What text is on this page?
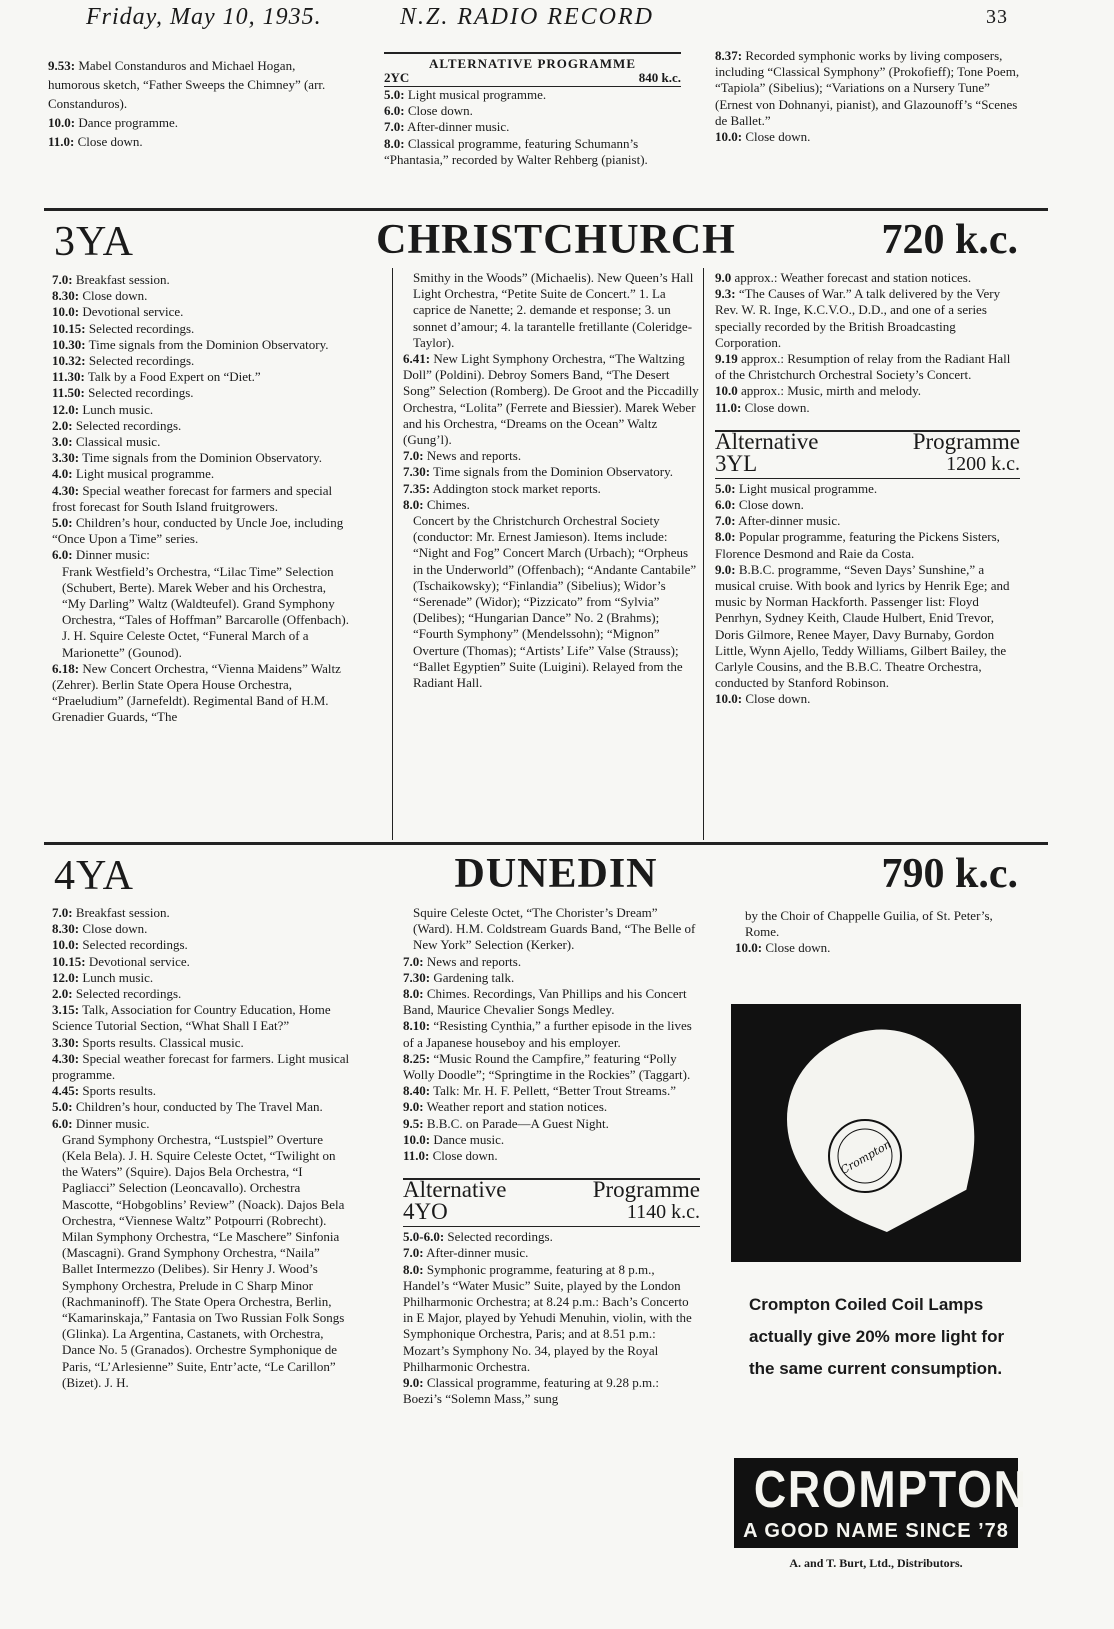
Friday, May 10, 1935.	N.Z. RADIO RECORD	33

9.53: Mabel Constanduros and Michael Hogan, humorous sketch, “Father Sweeps the Chimney” (arr. Constanduros).

10.0: Dance programme.

11.0: Close down.

ALTERNATIVE PROGRAMME
2YC	840 k.c.

5.0: Light musical programme.

6.0: Close down.

7.0: After-dinner music.

8.0: Classical programme, featuring Schumann’s “Phantasia,” recorded by Walter Rehberg (pianist).

8.37: Recorded symphonic works by living composers, including “Classical Symphony” (Prokofieff); Tone Poem, “Tapiola” (Sibelius); “Variations on a Nursery Tune” (Ernest von Dohnanyi, pianist), and Glazounoff’s “Scenes de Ballet.”

10.0: Close down.

3YA	CHRISTCHURCH	720 k.c.

7.0: Breakfast session.

8.30: Close down.

10.0: Devotional service.

10.15: Selected recordings.

10.30: Time signals from the Dominion Observatory.

10.32: Selected recordings.

11.30: Talk by a Food Expert on “Diet.”

11.50: Selected recordings.

12.0: Lunch music.

2.0: Selected recordings.

3.0: Classical music.

3.30: Time signals from the Dominion Observatory.

4.0: Light musical programme.

4.30: Special weather forecast for farmers and special frost forecast for South Island fruitgrowers.

5.0: Children’s hour, conducted by Uncle Joe, including “Once Upon a Time” series.

6.0: Dinner music:

Frank Westfield’s Orchestra, “Lilac Time” Selection (Schubert, Berte). Marek Weber and his Orchestra, “My Darling” Waltz (Waldteufel). Grand Symphony Orchestra, “Tales of Hoffman” Barcarolle (Offenbach). J. H. Squire Celeste Octet, “Funeral March of a Marionette” (Gounod).

6.18: New Concert Orchestra, “Vienna Maidens” Waltz (Zehrer). Berlin State Opera House Orchestra, “Praeludium” (Jarnefeldt). Regimental Band of H.M. Grenadier Guards, “The

Smithy in the Woods” (Michaelis). New Queen’s Hall Light Orchestra, “Petite Suite de Concert.” 1. La caprice de Nanette; 2. demande et response; 3. un sonnet d’amour; 4. la tarantelle fretillante (Coleridge-Taylor).

6.41: New Light Symphony Orchestra, “The Waltzing Doll” (Poldini). Debroy Somers Band, “The Desert Song” Selection (Romberg). De Groot and the Piccadilly Orchestra, “Lolita” (Ferrete and Biessier). Marek Weber and his Orchestra, “Dreams on the Ocean” Waltz (Gung’l).

7.0: News and reports.

7.30: Time signals from the Dominion Observatory.

7.35: Addington stock market reports.

8.0: Chimes.

Concert by the Christchurch Orchestral Society (conductor: Mr. Ernest Jamieson). Items include: “Night and Fog” Concert March (Urbach); “Orpheus in the Underworld” (Offenbach); “Andante Cantabile” (Tschaikowsky); “Finlandia” (Sibelius); Widor’s “Serenade” (Widor); “Pizzicato” from “Sylvia” (Delibes); “Hungarian Dance” No. 2 (Brahms); “Fourth Symphony” (Mendelssohn); “Mignon” Overture (Thomas); “Artists’ Life” Valse (Strauss); “Ballet Egyptien” Suite (Luigini). Relayed from the Radiant Hall.

9.0 approx.: Weather forecast and station notices.

9.3: “The Causes of War.” A talk delivered by the Very Rev. W. R. Inge, K.C.V.O., D.D., and one of a series specially recorded by the British Broadcasting Corporation.

9.19 approx.: Resumption of relay from the Radiant Hall of the Christchurch Orchestral Society’s Concert.

10.0 approx.: Music, mirth and melody.

11.0: Close down.

Alternative	Programme
3YL	1200 k.c.

5.0: Light musical programme.

6.0: Close down.

7.0: After-dinner music.

8.0: Popular programme, featuring the Pickens Sisters, Florence Desmond and Raie da Costa.

9.0: B.B.C. programme, “Seven Days’ Sunshine,” a musical cruise. With book and lyrics by Henrik Ege; and music by Norman Hackforth. Passenger list: Floyd Penrhyn, Sydney Keith, Claude Hulbert, Enid Trevor, Doris Gilmore, Renee Mayer, Davy Burnaby, Gordon Little, Wynn Ajello, Teddy Williams, Gilbert Bailey, the Carlyle Cousins, and the B.B.C. Theatre Orchestra, conducted by Stanford Robinson.

10.0: Close down.

4YA	DUNEDIN	790 k.c.

7.0: Breakfast session.

8.30: Close down.

10.0: Selected recordings.

10.15: Devotional service.

12.0: Lunch music.

2.0: Selected recordings.

3.15: Talk, Association for Country Education, Home Science Tutorial Section, “What Shall I Eat?”

3.30: Sports results. Classical music.

4.30: Special weather forecast for farmers. Light musical programme.

4.45: Sports results.

5.0: Children’s hour, conducted by The Travel Man.

6.0: Dinner music.

Grand Symphony Orchestra, “Lustspiel” Overture (Kela Bela). J. H. Squire Celeste Octet, “Twilight on the Waters” (Squire). Dajos Bela Orchestra, “I Pagliacci” Selection (Leoncavallo). Orchestra Mascotte, “Hobgoblins’ Review” (Noack). Dajos Bela Orchestra, “Viennese Waltz” Potpourri (Robrecht). Milan Symphony Orchestra, “Le Maschere” Sinfonia (Mascagni). Grand Symphony Orchestra, “Naila” Ballet Intermezzo (Delibes). Sir Henry J. Wood’s Symphony Orchestra, Prelude in C Sharp Minor (Rachmaninoff). The State Opera Orchestra, Berlin, “Kamarinskaja,” Fantasia on Two Russian Folk Songs (Glinka). La Argentina, Castanets, with Orchestra, Dance No. 5 (Granados). Orchestre Symphonique de Paris, “L’Arlesienne” Suite, Entr’acte, “Le Carillon” (Bizet). J. H.

Squire Celeste Octet, “The Chorister’s Dream” (Ward). H.M. Coldstream Guards Band, “The Belle of New York” Selection (Kerker).

7.0: News and reports.

7.30: Gardening talk.

8.0: Chimes. Recordings, Van Phillips and his Concert Band, Maurice Chevalier Songs Medley.

8.10: “Resisting Cynthia,” a further episode in the lives of a Japanese houseboy and his employer.

8.25: “Music Round the Campfire,” featuring “Polly Wolly Doodle”; “Springtime in the Rockies” (Taggart).

8.40: Talk: Mr. H. F. Pellett, “Better Trout Streams.”

9.0: Weather report and station notices.

9.5: B.B.C. on Parade—A Guest Night.

10.0: Dance music.

11.0: Close down.

Alternative	Programme
4YO	1140 k.c.

5.0-6.0: Selected recordings.

7.0: After-dinner music.

8.0: Symphonic programme, featuring at 8 p.m., Handel’s “Water Music” Suite, played by the London Philharmonic Orchestra; at 8.24 p.m.: Bach’s Concerto in E Major, played by Yehudi Menuhin, violin, with the Symphonique Orchestra, Paris; and at 8.51 p.m.: Mozart’s Symphony No. 34, played by the Royal Philharmonic Orchestra.

9.0: Classical programme, featuring at 9.28 p.m.: Boezi’s “Solemn Mass,” sung

by the Choir of Chappelle Guilia, of St. Peter’s, Rome.

10.0: Close down.

Crompton
Crompton Coiled Coil Lamps actually give 20% more light for the same current consumption.
CROMPTON
A GOOD NAME SINCE ’78
A. and T. Burt, Ltd., Distributors.
